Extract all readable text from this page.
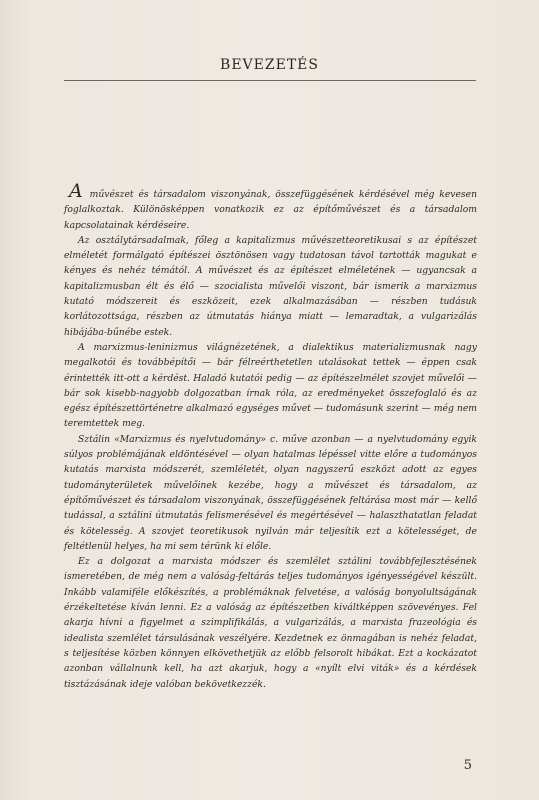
BEVEZETÉS

A művészet és társadalom viszonyának, összefüggésének kérdésével még kevesen foglalkoztak. Különösképpen vonatkozik ez az építőművészet és a társadalom kapcsolatainak kérdéseire.

Az osztálytársadalmak, főleg a kapitalizmus művészetteoretikusai s az építészet elméletét formálgató építészei ösztönösen vagy tudatosan távol tartották magukat e kényes és nehéz témától. A művészet és az építészet elméletének — ugyancsak a kapitalizmusban élt és élő — szocialista művelői viszont, bár ismerik a marxizmus kutató módszereit és eszközeit, ezek alkalmazásában — részben tudásuk korlátozottsága, részben az útmutatás hiánya miatt — lemaradtak, a vulgarizálás hibájába-bűnébe estek.

A marxizmus-leninizmus világnézetének, a dialektikus materializmusnak nagy megalkotói és továbbépítői — bár félreérthetetlen utalásokat tettek — éppen csak érintették itt-ott a kérdést. Haladó kutatói pedig — az építészelmélet szovjet művelői — bár sok kisebb-nagyobb dolgozatban írnak róla, az eredményeket összefoglaló és az egész építészettörténetre alkalmazó egységes művet — tudomásunk szerint — még nem teremtettek meg.

Sztálin «Marxizmus és nyelvtudomány» c. műve azonban — a nyelvtudomány egyik súlyos problémájának eldöntésével — olyan hatalmas lépéssel vitte előre a tudományos kutatás marxista módszerét, szemléletét, olyan nagyszerű eszközt adott az egyes tudományterületek művelőinek kezébe, hogy a művészet és társadalom, az építőművészet és társadalom viszonyának, összefüggésének feltárása most már — kellő tudással, a sztálini útmutatás felismerésével és megértésével — halaszthatatlan feladat és kötelesség. A szovjet teoretikusok nyilván már teljesítik ezt a kötelességet, de feltétlenül helyes, ha mi sem térünk ki előle.

Ez a dolgozat a marxista módszer és szemlélet sztálini továbbfejlesztésének ismeretében, de még nem a valóság-feltárás teljes tudományos igényességével készült. Inkább valamiféle előkészítés, a problémáknak felvetése, a valóság bonyolultságának érzékeltetése kíván lenni. Ez a valóság az építészetben kiváltképpen szövevényes. Fel akarja hívni a figyelmet a szimplifikálás, a vulgarizálás, a marxista frazeológia és idealista szemlélet társulásának veszélyére. Kezdetnek ez önmagában is nehéz feladat, s teljesítése közben könnyen elkövethetjük az előbb felsorolt hibákat. Ezt a kockázatot azonban vállalnunk kell, ha azt akarjuk, hogy a «nyílt elvi viták» és a kérdések tisztázásának ideje valóban bekövetkezzék.

5
